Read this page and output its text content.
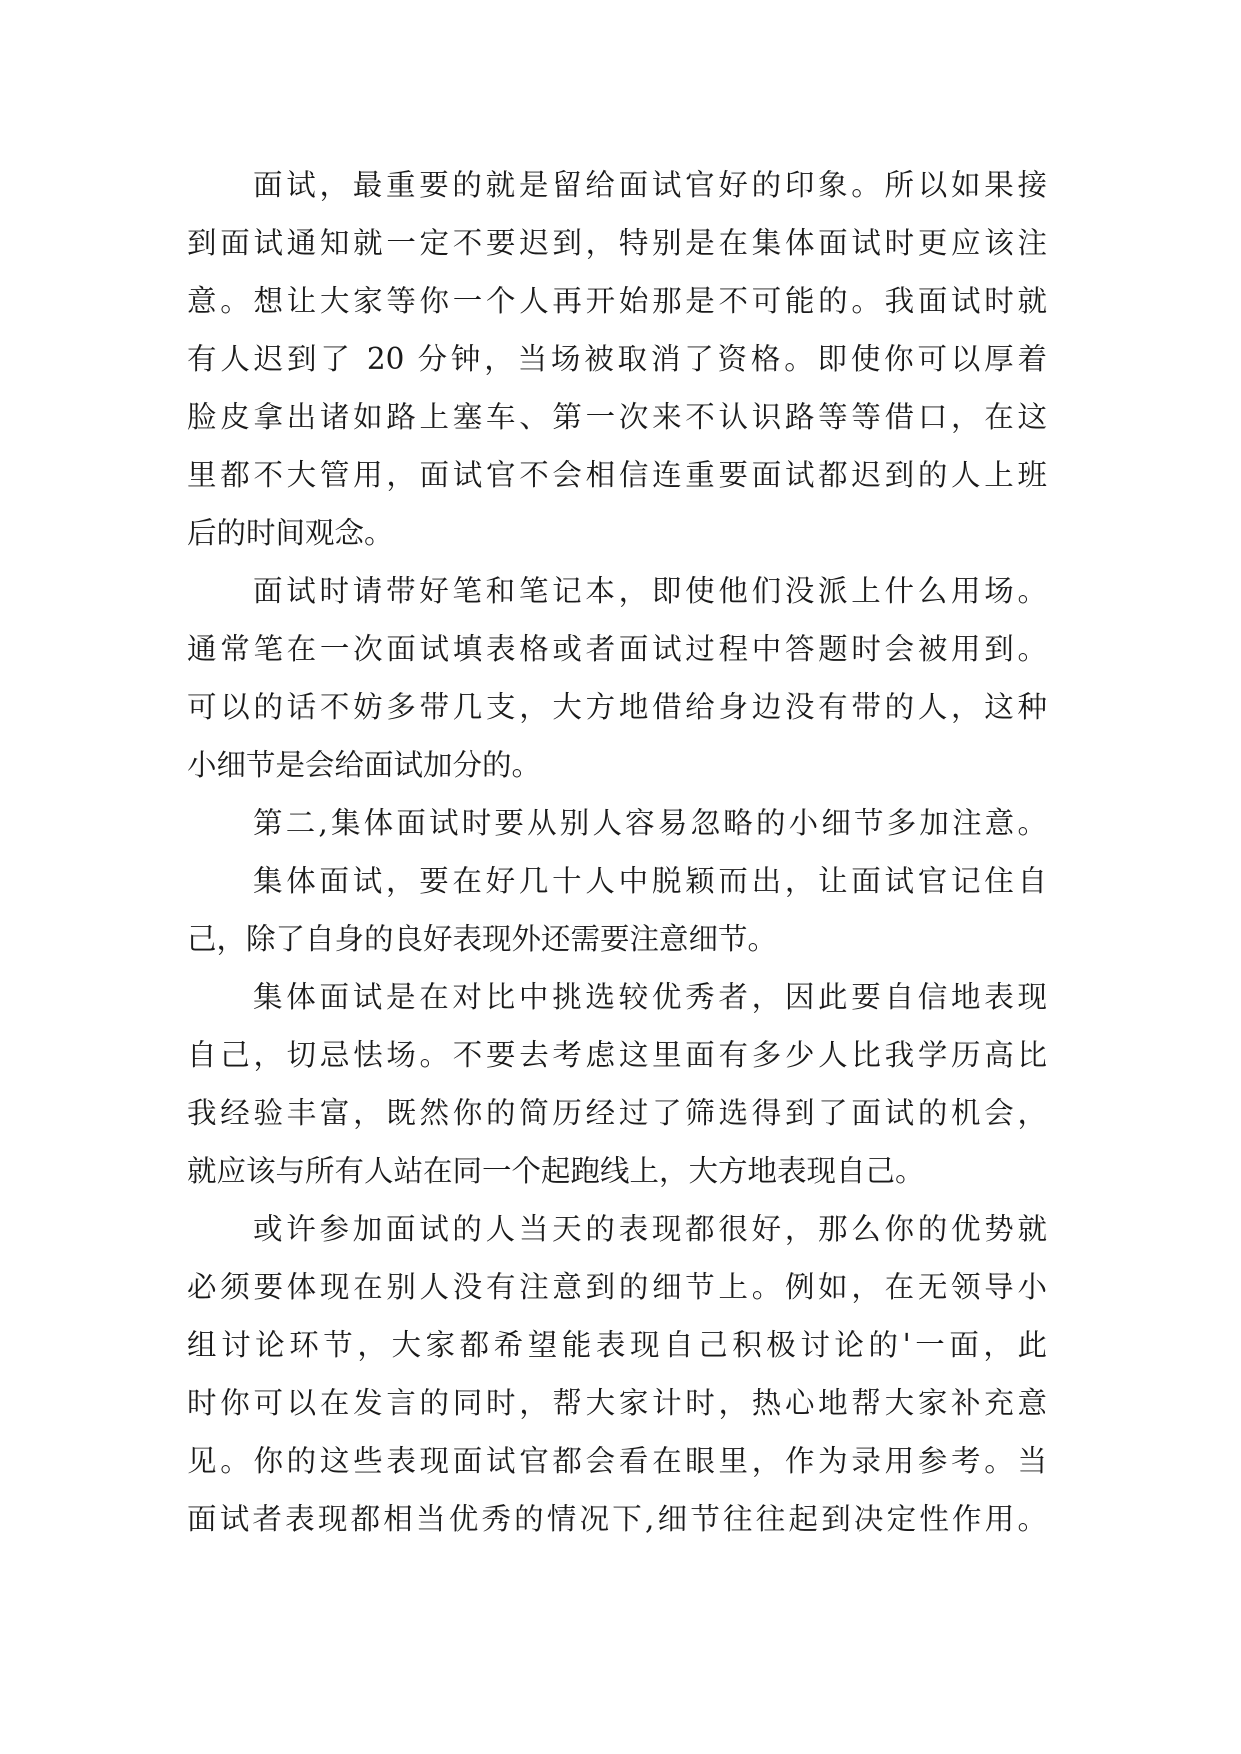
面试，最重要的就是留给面试官好的印象。所以如果接
到面试通知就一定不要迟到，特别是在集体面试时更应该注
意。想让大家等你一个人再开始那是不可能的。我面试时就
有人迟到了 20 分钟，当场被取消了资格。即使你可以厚着
脸皮拿出诸如路上塞车、第一次来不认识路等等借口，在这
里都不大管用，面试官不会相信连重要面试都迟到的人上班
后的时间观念。
面试时请带好笔和笔记本，即使他们没派上什么用场。
通常笔在一次面试填表格或者面试过程中答题时会被用到。
可以的话不妨多带几支，大方地借给身边没有带的人，这种
小细节是会给面试加分的。
第二,集体面试时要从别人容易忽略的小细节多加注意。
集体面试，要在好几十人中脱颖而出，让面试官记住自
己，除了自身的良好表现外还需要注意细节。
集体面试是在对比中挑选较优秀者，因此要自信地表现
自己，切忌怯场。不要去考虑这里面有多少人比我学历高比
我经验丰富，既然你的简历经过了筛选得到了面试的机会，
就应该与所有人站在同一个起跑线上，大方地表现自己。
或许参加面试的人当天的表现都很好，那么你的优势就
必须要体现在别人没有注意到的细节上。例如，在无领导小
组讨论环节，大家都希望能表现自己积极讨论的'一面，此
时你可以在发言的同时，帮大家计时，热心地帮大家补充意
见。你的这些表现面试官都会看在眼里，作为录用参考。当
面试者表现都相当优秀的情况下,细节往往起到决定性作用。
